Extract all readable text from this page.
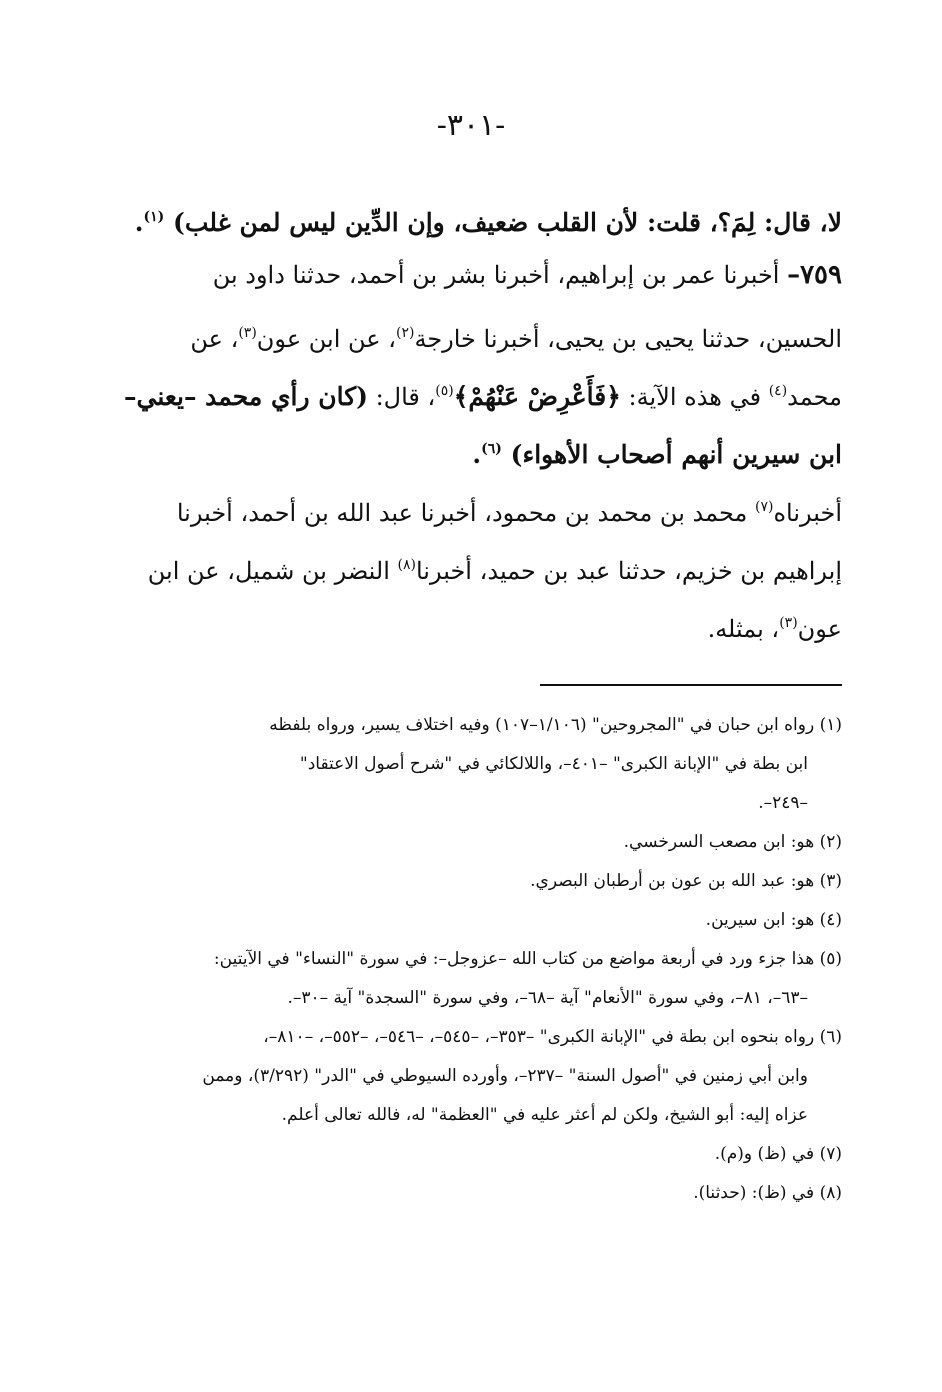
-٣٠١-
لا، قال: لِمَ؟، قلت: لأن القلب ضعيف، وإن الدِّين ليس لمن غلب) $^{(١)}$.
٧٥٩– أخبرنا عمر بن إبراهيم، أخبرنا بشر بن أحمد، حدثنا داود بن
الحسين، حدثنا يحيى بن يحيى، أخبرنا خارجة$^{(٢)}$، عن ابن عون$^{(٣)}$، عن
محمد$^{(٤)}$ في هذه الآية: ﴿فَأَعْرِضْ عَنْهُمْ﴾$^{(٥)}$، قال: (كان رأي محمد –يعني–
ابن سيرين أنهم أصحاب الأهواء) $^{(٦)}$.
أخبرناه$^{(٧)}$ محمد بن محمد بن محمود، أخبرنا عبد الله بن أحمد، أخبرنا
إبراهيم بن خزيم، حدثنا عبد بن حميد، أخبرنا$^{(٨)}$ النضر بن شميل، عن ابن
عون$^{(٣)}$، بمثله.
(١) رواه ابن حبان في "المجروحين" (١/١٠٦–١٠٧) وفيه اختلاف يسير، ورواه بلفظه
ابن بطة في "الإبانة الكبرى" –٤٠١–، واللالكائي في "شرح أصول الاعتقاد"
–٢٤٩–.
(٢) هو: ابن مصعب السرخسي.
(٣) هو: عبد الله بن عون بن أرطبان البصري.
(٤) هو: ابن سيرين.
(٥) هذا جزء ورد في أربعة مواضع من كتاب الله –عزوجل–: في سورة "النساء" في الآيتين:
–٦٣–، ٨١–، وفي سورة "الأنعام" آية –٦٨–، وفي سورة "السجدة" آية –٣٠–.
(٦) رواه بنحوه ابن بطة في "الإبانة الكبرى" –٣٥٣–، –٥٤٥–، –٥٤٦–، –٥٥٢–، –٨١٠–،
وابن أبي زمنين في "أصول السنة" –٢٣٧–، وأورده السيوطي في "الدر" (٣/٢٩٢)، وممن
عزاه إليه: أبو الشيخ، ولكن لم أعثر عليه في "العظمة" له، فالله تعالى أعلم.
(٧) في (ظ) و(م).
(٨) في (ظ): (حدثنا).
